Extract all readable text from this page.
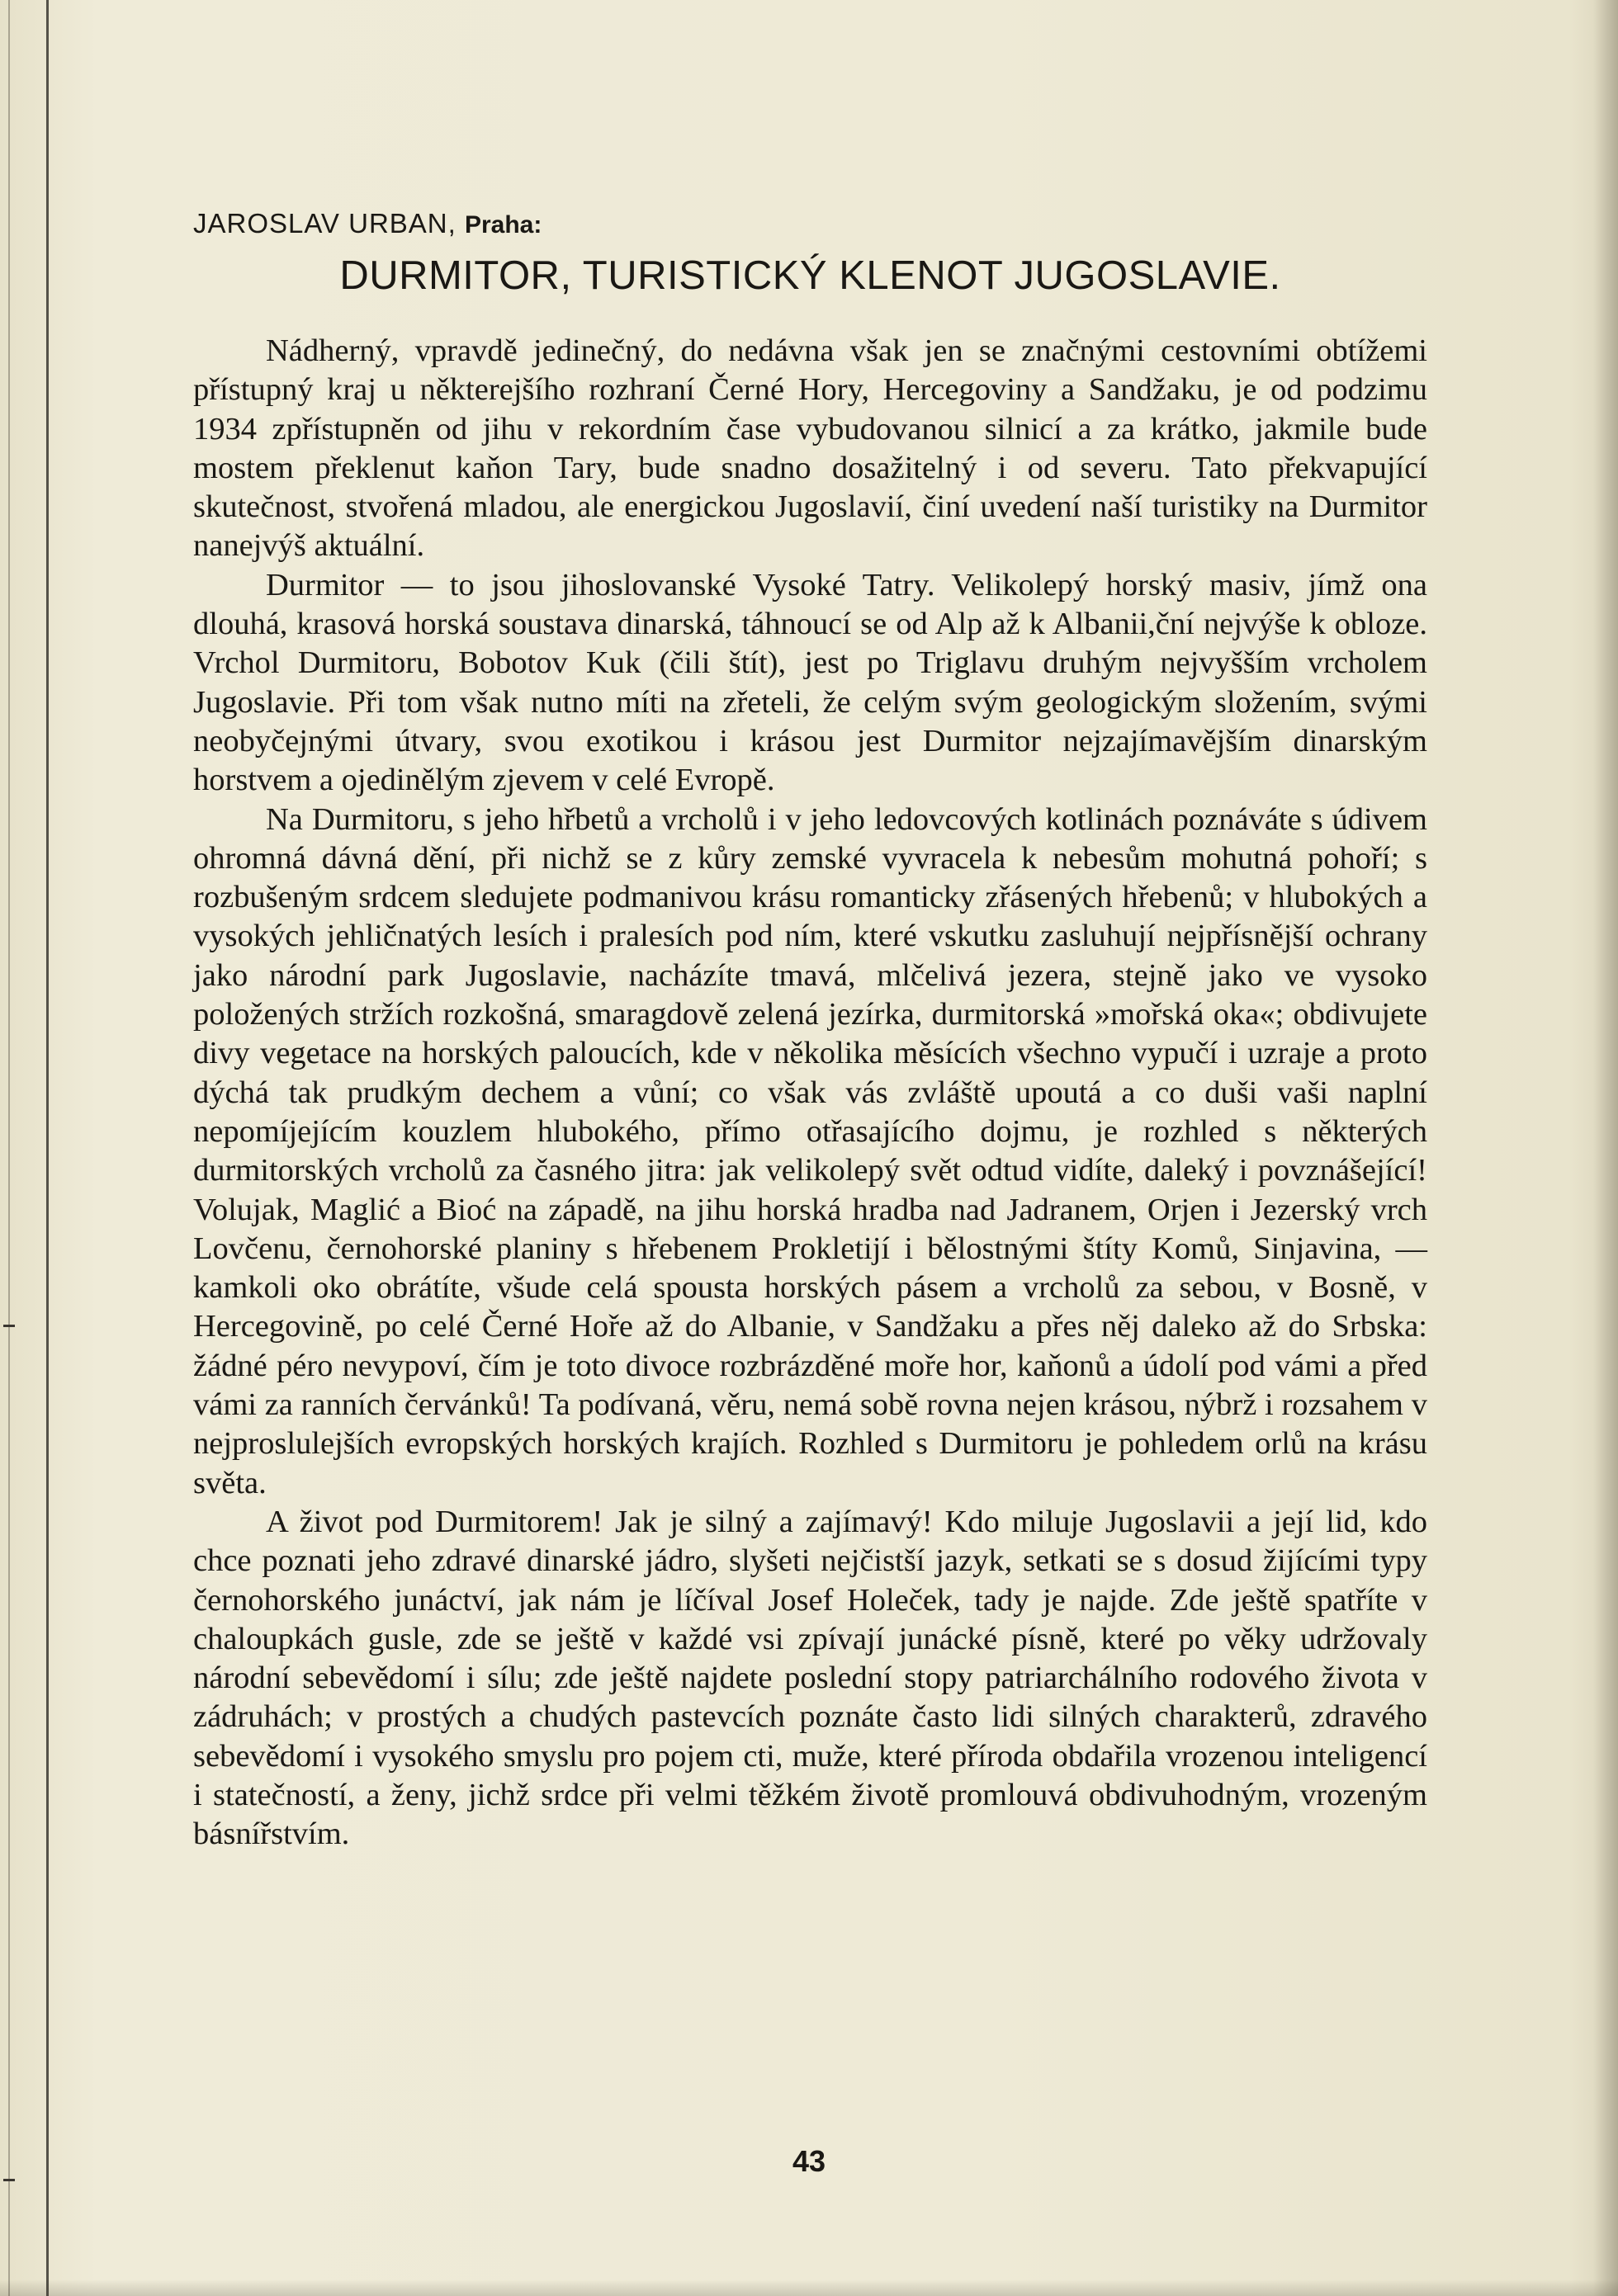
JAROSLAV URBAN, Praha:
DURMITOR, TURISTICKÝ KLENOT JUGOSLAVIE.

Nádherný, vpravdě jedinečný, do nedávna však jen se značnými cestovními obtížemi přístupný kraj u některejšího rozhraní Černé Hory, Hercegoviny a Sandžaku, je od podzimu 1934 zpřístupněn od jihu v rekordním čase vybudovanou silnicí a za krátko, jakmile bude mostem překlenut kaňon Tary, bude snadno dosažitelný i od severu. Tato překvapující skutečnost, stvořená mladou, ale energickou Jugoslavií, činí uvedení naší turistiky na Durmitor nanejvýš aktuální.

Durmitor — to jsou jihoslovanské Vysoké Tatry. Velikolepý horský masiv, jímž ona dlouhá, krasová horská soustava dinarská, táhnoucí se od Alp až k Albanii,ční nejvýše k obloze. Vrchol Durmitoru, Bobotov Kuk (čili štít), jest po Triglavu druhým nejvyšším vrcholem Jugoslavie. Při tom však nutno míti na zřeteli, že celým svým geologickým složením, svými neobyčejnými útvary, svou exotikou i krásou jest Durmitor nejzajímavějším dinarským horstvem a ojedinělým zjevem v celé Evropě.

Na Durmitoru, s jeho hřbetů a vrcholů i v jeho ledovcových kotlinách poznáváte s údivem ohromná dávná dění, při nichž se z kůry zemské vyvracela k nebesům mohutná pohoří; s rozbušeným srdcem sledujete podmanivou krásu romanticky zřásených hřebenů; v hlubokých a vysokých jehličnatých lesích i pralesích pod ním, které vskutku zasluhují nejpřísnější ochrany jako národní park Jugoslavie, nacházíte tmavá, mlčelivá jezera, stejně jako ve vysoko položených stržích rozkošná, smaragdově zelená jezírka, durmitorská »mořská oka«; obdivujete divy vegetace na horských paloucích, kde v několika měsících všechno vypučí i uzraje a proto dýchá tak prudkým dechem a vůní; co však vás zvláště upoutá a co duši vaši naplní nepomíjejícím kouzlem hlubokého, přímo otřasajícího dojmu, je rozhled s některých durmitorských vrcholů za časného jitra: jak velikolepý svět odtud vidíte, daleký i povznášející! Volujak, Maglić a Bioć na západě, na jihu horská hradba nad Jadranem, Orjen i Jezerský vrch Lovčenu, černohorské planiny s hřebenem Prokletijí i bělostnými štíty Komů, Sinjavina, — kamkoli oko obrátíte, všude celá spousta horských pásem a vrcholů za sebou, v Bosně, v Hercegovině, po celé Černé Hoře až do Albanie, v Sandžaku a přes něj daleko až do Srbska: žádné péro nevypoví, čím je toto divoce rozbrázděné moře hor, kaňonů a údolí pod vámi a před vámi za ranních červánků! Ta podívaná, věru, nemá sobě rovna nejen krásou, nýbrž i rozsahem v nejproslulejších evropských horských krajích. Rozhled s Durmitoru je pohledem orlů na krásu světa.

A život pod Durmitorem! Jak je silný a zajímavý! Kdo miluje Jugoslavii a její lid, kdo chce poznati jeho zdravé dinarské jádro, slyšeti nejčistší jazyk, setkati se s dosud žijícími typy černohorského junáctví, jak nám je líčíval Josef Holeček, tady je najde. Zde ještě spatříte v chaloupkách gusle, zde se ještě v každé vsi zpívají junácké písně, které po věky udržovaly národní sebevědomí i sílu; zde ještě najdete poslední stopy patriarchálního rodového života v zádruhách; v prostých a chudých pastevcích poznáte často lidi silných charakterů, zdravého sebevědomí i vysokého smyslu pro pojem cti, muže, které příroda obdařila vrozenou inteligencí i statečností, a ženy, jichž srdce při velmi těžkém životě promlouvá obdivuhodným, vrozeným básnířstvím.

43
